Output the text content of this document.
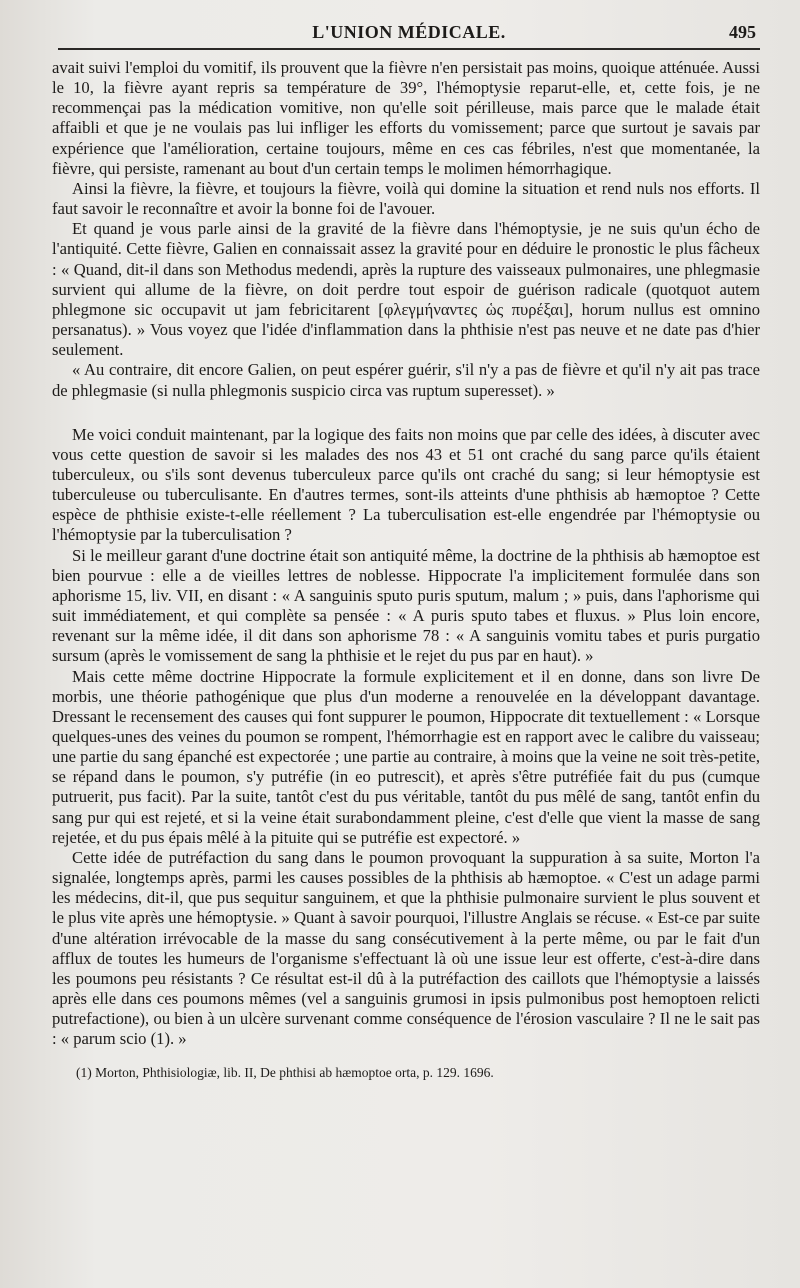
L'UNION MÉDICALE.	495

avait suivi l'emploi du vomitif, ils prouvent que la fièvre n'en persistait pas moins, quoique atténuée. Aussi le 10, la fièvre ayant repris sa température de 39°, l'hémoptysie reparut-elle, et, cette fois, je ne recommençai pas la médication vomitive, non qu'elle soit périlleuse, mais parce que le malade était affaibli et que je ne voulais pas lui infliger les efforts du vomissement; parce que surtout je savais par expérience que l'amélioration, certaine toujours, même en ces cas fébriles, n'est que momentanée, la fièvre, qui persiste, ramenant au bout d'un certain temps le molimen hémorrhagique.

Ainsi la fièvre, la fièvre, et toujours la fièvre, voilà qui domine la situation et rend nuls nos efforts. Il faut savoir le reconnaître et avoir la bonne foi de l'avouer.

Et quand je vous parle ainsi de la gravité de la fièvre dans l'hémoptysie, je ne suis qu'un écho de l'antiquité. Cette fièvre, Galien en connaissait assez la gravité pour en déduire le pronostic le plus fâcheux : « Quand, dit-il dans son Methodus medendi, après la rupture des vaisseaux pulmonaires, une phlegmasie survient qui allume de la fièvre, on doit perdre tout espoir de guérison radicale (quotquot autem phlegmone sic occupavit ut jam febricitarent [φλεγμήναντες ὡς πυρέξαι], horum nullus est omnino persanatus). » Vous voyez que l'idée d'inflammation dans la phthisie n'est pas neuve et ne date pas d'hier seulement.

« Au contraire, dit encore Galien, on peut espérer guérir, s'il n'y a pas de fièvre et qu'il n'y ait pas trace de phlegmasie (si nulla phlegmonis suspicio circa vas ruptum superesset). »

Me voici conduit maintenant, par la logique des faits non moins que par celle des idées, à discuter avec vous cette question de savoir si les malades des nos 43 et 51 ont craché du sang parce qu'ils étaient tuberculeux, ou s'ils sont devenus tuberculeux parce qu'ils ont craché du sang; si leur hémoptysie est tuberculeuse ou tuberculisante. En d'autres termes, sont-ils atteints d'une phthisis ab hæmoptoe ? Cette espèce de phthisie existe-t-elle réellement ? La tuberculisation est-elle engendrée par l'hémoptysie ou l'hémoptysie par la tuberculisation ?

Si le meilleur garant d'une doctrine était son antiquité même, la doctrine de la phthisis ab hæmoptoe est bien pourvue : elle a de vieilles lettres de noblesse. Hippocrate l'a implicitement formulée dans son aphorisme 15, liv. VII, en disant : « A sanguinis sputo puris sputum, malum ; » puis, dans l'aphorisme qui suit immédiatement, et qui complète sa pensée : « A puris sputo tabes et fluxus. » Plus loin encore, revenant sur la même idée, il dit dans son aphorisme 78 : « A sanguinis vomitu tabes et puris purgatio sursum (après le vomissement de sang la phthisie et le rejet du pus par en haut). »

Mais cette même doctrine Hippocrate la formule explicitement et il en donne, dans son livre De morbis, une théorie pathogénique que plus d'un moderne a renouvelée en la développant davantage. Dressant le recensement des causes qui font suppurer le poumon, Hippocrate dit textuellement : « Lorsque quelques-unes des veines du poumon se rompent, l'hémorrhagie est en rapport avec le calibre du vaisseau; une partie du sang épanché est expectorée ; une partie au contraire, à moins que la veine ne soit très-petite, se répand dans le poumon, s'y putréfie (in eo putrescit), et après s'être putréfiée fait du pus (cumque putruerit, pus facit). Par la suite, tantôt c'est du pus véritable, tantôt du pus mêlé de sang, tantôt enfin du sang pur qui est rejeté, et si la veine était surabondamment pleine, c'est d'elle que vient la masse de sang rejetée, et du pus épais mêlé à la pituite qui se putréfie est expectoré. »

Cette idée de putréfaction du sang dans le poumon provoquant la suppuration à sa suite, Morton l'a signalée, longtemps après, parmi les causes possibles de la phthisis ab hæmoptoe. « C'est un adage parmi les médecins, dit-il, que pus sequitur sanguinem, et que la phthisie pulmonaire survient le plus souvent et le plus vite après une hémoptysie. » Quant à savoir pourquoi, l'illustre Anglais se récuse. « Est-ce par suite d'une altération irrévocable de la masse du sang consécutivement à la perte même, ou par le fait d'un afflux de toutes les humeurs de l'organisme s'effectuant là où une issue leur est offerte, c'est-à-dire dans les poumons peu résistants ? Ce résultat est-il dû à la putréfaction des caillots que l'hémoptysie a laissés après elle dans ces poumons mêmes (vel a sanguinis grumosi in ipsis pulmonibus post hemoptoen relicti putrefactione), ou bien à un ulcère survenant comme conséquence de l'érosion vasculaire ? Il ne le sait pas : « parum scio (1). »

(1) Morton, Phthisiologiæ, lib. II, De phthisi ab hæmoptoe orta, p. 129. 1696.
